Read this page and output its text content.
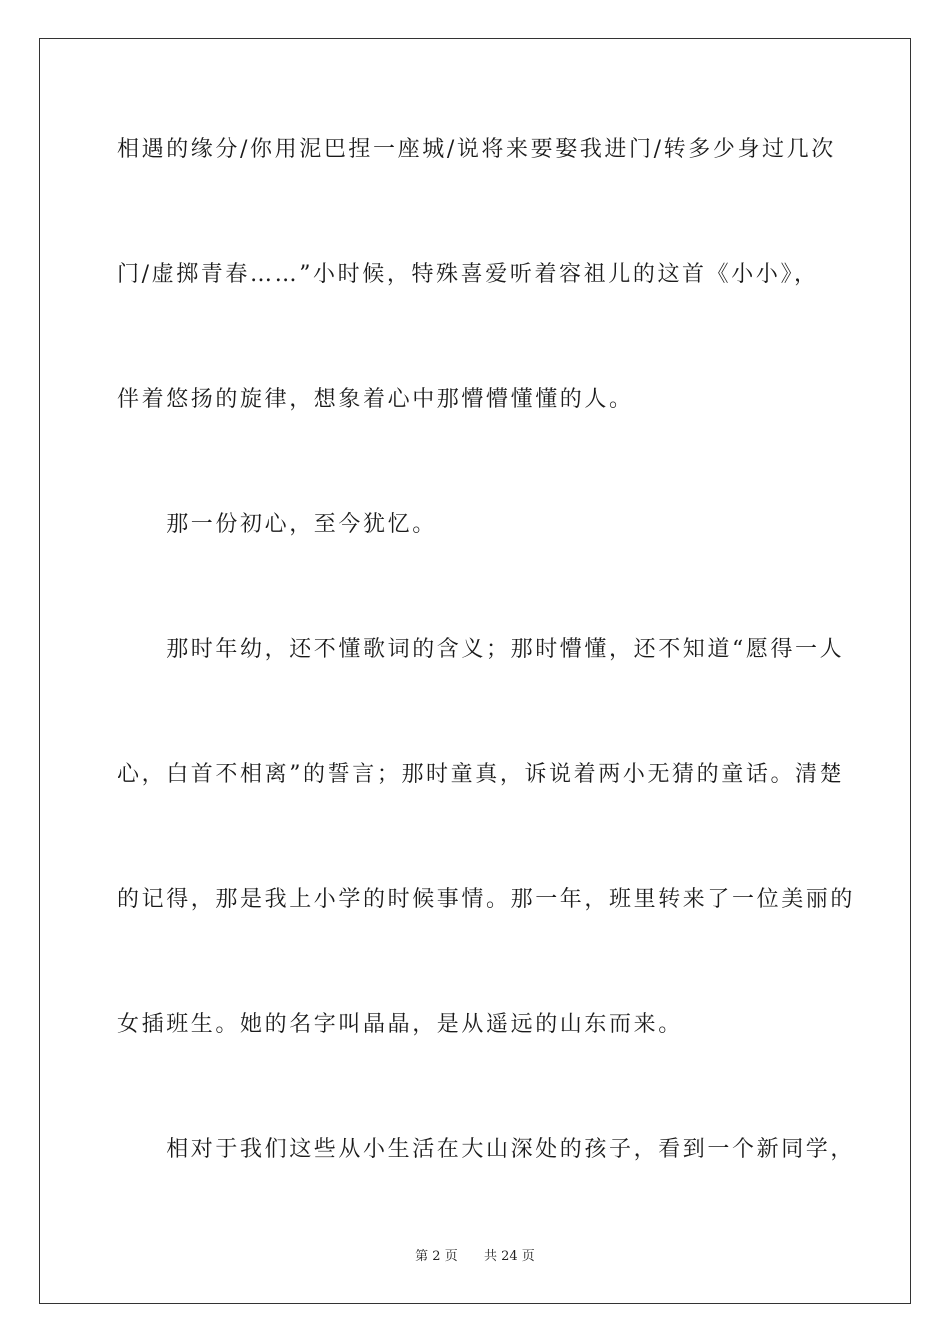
相遇的缘分/你用泥巴捏一座城/说将来要娶我进门/转多少身过几次
门/虚掷青春……”小时候，特殊喜爱听着容祖儿的这首《小小》，
伴着悠扬的旋律，想象着心中那懵懵懂懂的人。
　　那一份初心，至今犹忆。
　　那时年幼，还不懂歌词的含义；那时懵懂，还不知道“愿得一人
心，白首不相离”的誓言；那时童真，诉说着两小无猜的童话。清楚
的记得，那是我上小学的时候事情。那一年，班里转来了一位美丽的
女插班生。她的名字叫晶晶，是从遥远的山东而来。
　　相对于我们这些从小生活在大山深处的孩子，看到一个新同学，
第 2 页 共 24 页
